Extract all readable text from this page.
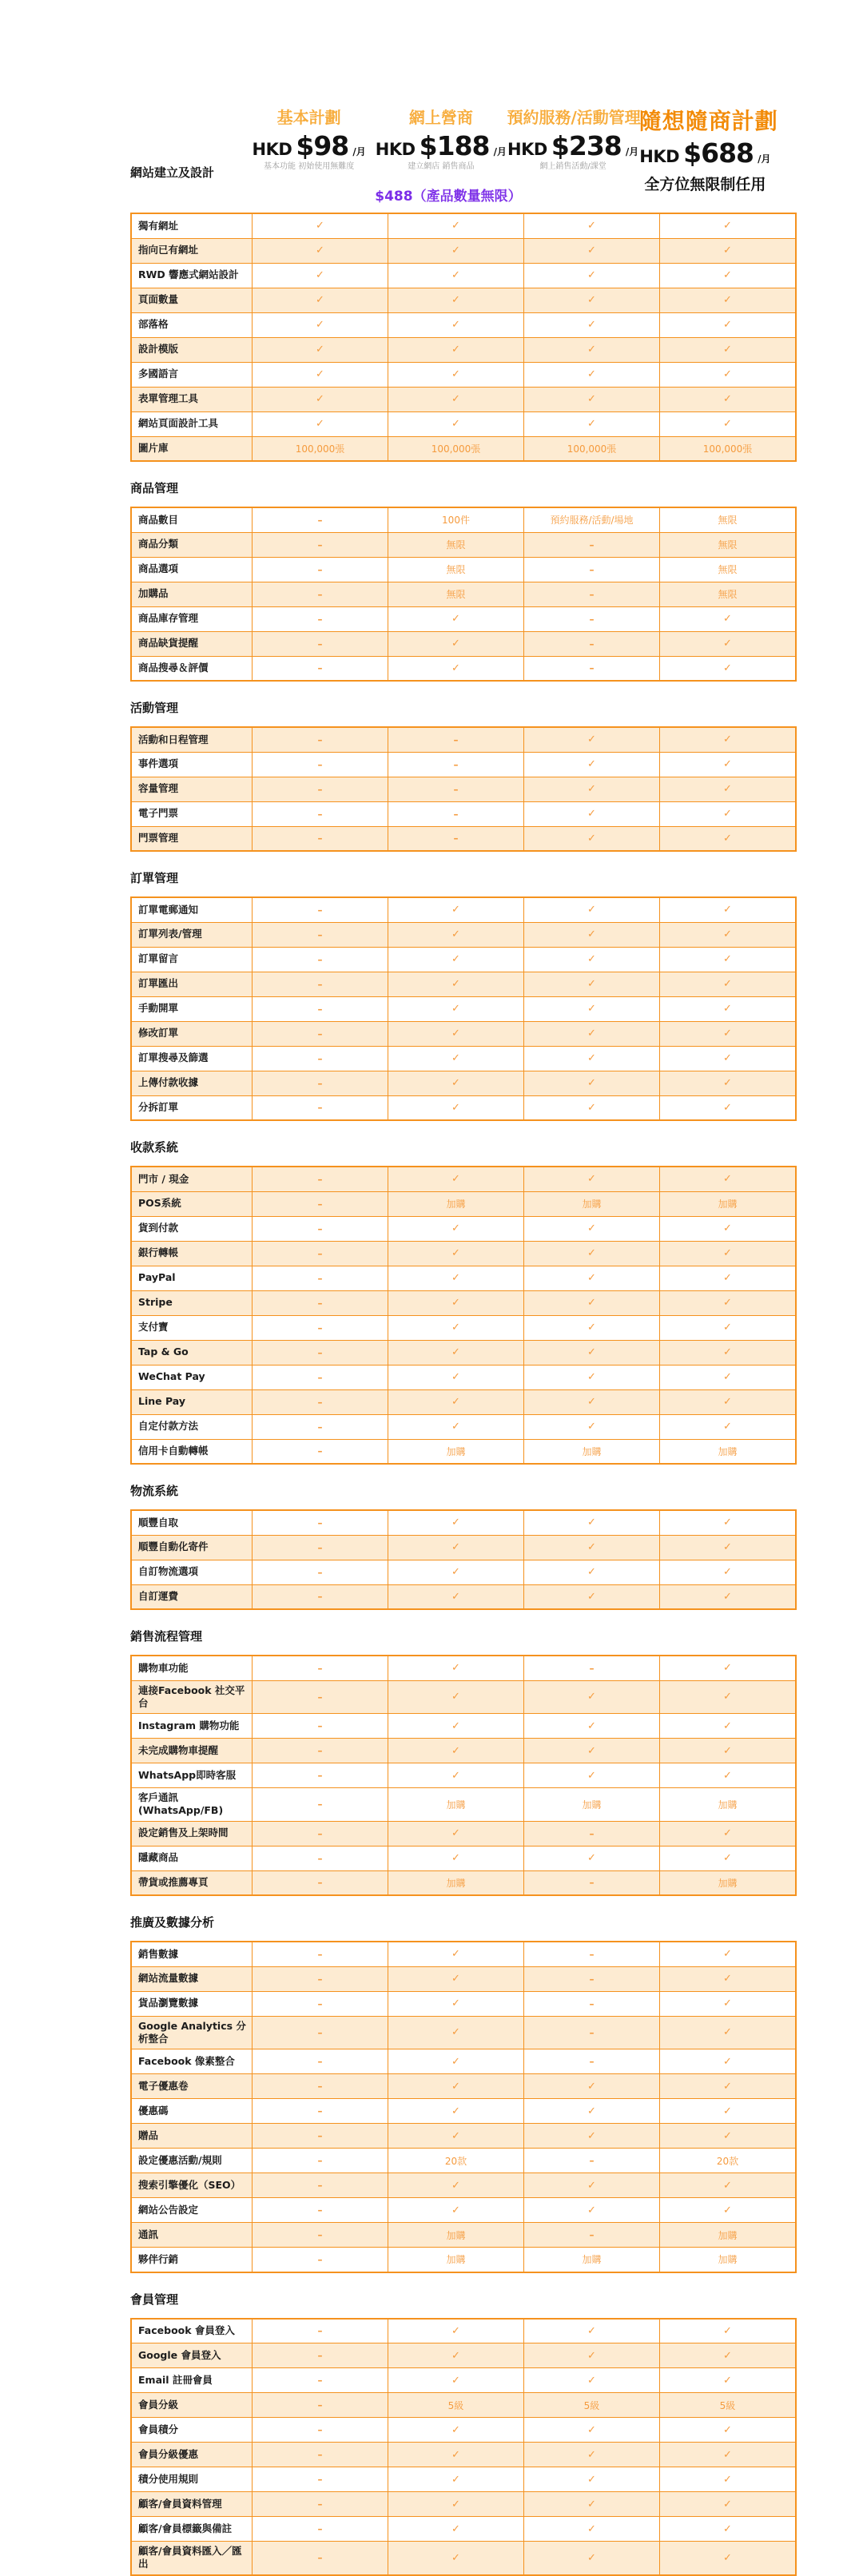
網站建立及設計
基本計劃
HKD $98 /月
基本功能 初始使用無難度
網上營商
HKD $188 /月
建立網店 銷售商品
$488（產品數量無限）
預約服務/活動管理
HKD $238 /月
網上銷售活動/課堂
隨想隨商計劃
HKD $688 /月
全方位無限制任用
獨有網址	✓	✓	✓	✓
指向已有網址	✓	✓	✓	✓
RWD 響應式網站設計	✓	✓	✓	✓
頁面數量	✓	✓	✓	✓
部落格	✓	✓	✓	✓
設計模版	✓	✓	✓	✓
多國語言	✓	✓	✓	✓
表單管理工具	✓	✓	✓	✓
網站頁面設計工具	✓	✓	✓	✓
圖片庫	100,000張	100,000張	100,000張	100,000張
商品管理
商品數目	–	100件	預約服務/活動/場地	無限
商品分類	–	無限	–	無限
商品選項	–	無限	–	無限
加購品	–	無限	–	無限
商品庫存管理	–	✓	–	✓
商品缺貨提醒	–	✓	–	✓
商品搜尋＆評價	–	✓	–	✓
活動管理
活動和日程管理	–	–	✓	✓
事件選項	–	–	✓	✓
容量管理	–	–	✓	✓
電子門票	–	–	✓	✓
門票管理	–	–	✓	✓
訂單管理
訂單電郵通知	–	✓	✓	✓
訂單列表/管理	–	✓	✓	✓
訂單留言	–	✓	✓	✓
訂單匯出	–	✓	✓	✓
手動開單	–	✓	✓	✓
修改訂單	–	✓	✓	✓
訂單搜尋及篩選	–	✓	✓	✓
上傳付款收據	–	✓	✓	✓
分拆訂單	–	✓	✓	✓
收款系統
門市 / 現金	–	✓	✓	✓
POS系統	–	加購	加購	加購
貨到付款	–	✓	✓	✓
銀行轉帳	–	✓	✓	✓
PayPal	–	✓	✓	✓
Stripe	–	✓	✓	✓
支付寶	–	✓	✓	✓
Tap & Go	–	✓	✓	✓
WeChat Pay	–	✓	✓	✓
Line Pay	–	✓	✓	✓
自定付款方法	–	✓	✓	✓
信用卡自動轉帳	–	加購	加購	加購
物流系統
順豐自取	–	✓	✓	✓
順豐自動化寄件	–	✓	✓	✓
自訂物流選項	–	✓	✓	✓
自訂運費	–	✓	✓	✓
銷售流程管理
購物車功能	–	✓	–	✓
連接Facebook 社交平台	–	✓	✓	✓
Instagram 購物功能	–	✓	✓	✓
未完成購物車提醒	–	✓	✓	✓
WhatsApp即時客服	–	✓	✓	✓
客戶通訊(WhatsApp/FB)	–	加購	加購	加購
設定銷售及上架時間	–	✓	–	✓
隱藏商品	–	✓	✓	✓
帶貨或推薦專頁	–	加購	–	加購
推廣及數據分析
銷售數據	–	✓	–	✓
網站流量數據	–	✓	–	✓
貨品瀏覽數據	–	✓	–	✓
Google Analytics 分析整合	–	✓	–	✓
Facebook 像素整合	–	✓	–	✓
電子優惠卷	–	✓	✓	✓
優惠碼	–	✓	✓	✓
贈品	–	✓	✓	✓
設定優惠活動/規則	–	20款	–	20款
搜索引擎優化（SEO）	–	✓	✓	✓
網站公告設定	–	✓	✓	✓
通訊	–	加購	–	加購
夥伴行銷	–	加購	加購	加購
會員管理
Facebook 會員登入	–	✓	✓	✓
Google 會員登入	–	✓	✓	✓
Email 註冊會員	–	✓	✓	✓
會員分級	–	5級	5級	5級
會員積分	–	✓	✓	✓
會員分級優惠	–	✓	✓	✓
積分使用規則	–	✓	✓	✓
顧客/會員資料管理	–	✓	✓	✓
顧客/會員標籤與備註	–	✓	✓	✓
顧客/會員資料匯入／匯出	–	✓	✓	✓
